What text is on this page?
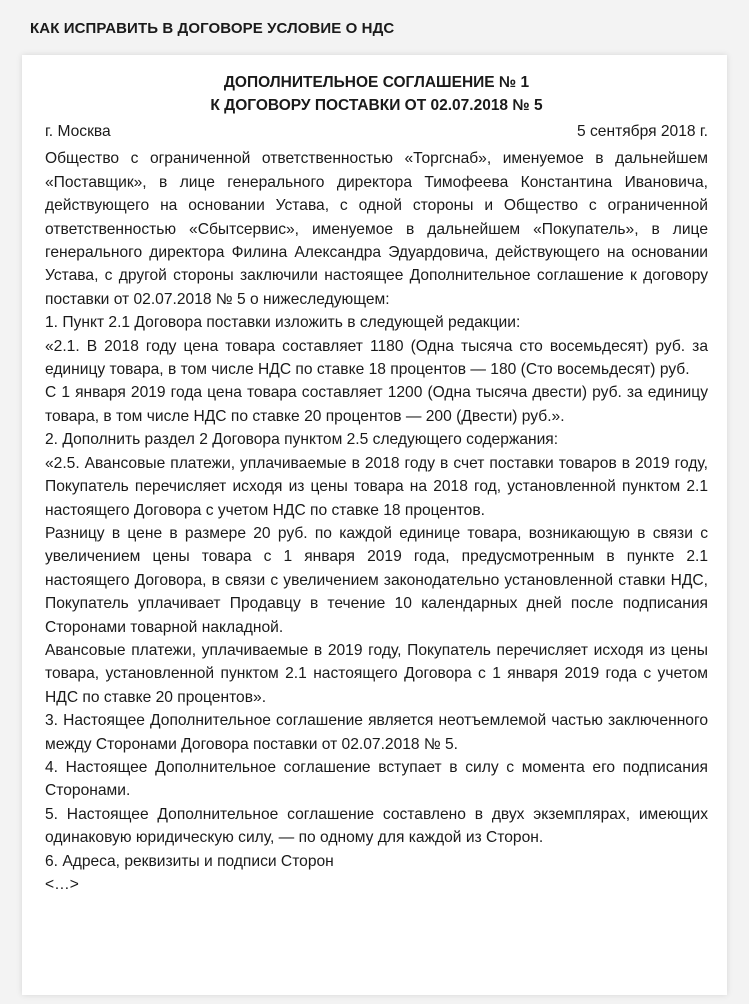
КАК ИСПРАВИТЬ В ДОГОВОРЕ УСЛОВИЕ О НДС
ДОПОЛНИТЕЛЬНОЕ СОГЛАШЕНИЕ № 1
К ДОГОВОРУ ПОСТАВКИ ОТ 02.07.2018 № 5
г. Москва	5 сентября 2018 г.

Общество с ограниченной ответственностью «Торгснаб», именуемое в дальнейшем «Поставщик», в лице генерального директора Тимофеева Константина Ивановича, действующего на основании Устава, с одной стороны и Общество с ограниченной ответственностью «Сбытсервис», именуемое в дальнейшем «Покупатель», в лице генерального директора Филина Александра Эдуардовича, действующего на основании Устава, с другой стороны заключили настоящее Дополнительное соглашение к договору поставки от 02.07.2018 № 5 о нижеследующем:

1. Пункт 2.1 Договора поставки изложить в следующей редакции:

«2.1. В 2018 году цена товара составляет 1180 (Одна тысяча сто восемьдесят) руб. за единицу товара, в том числе НДС по ставке 18 процентов — 180 (Сто восемьдесят) руб.

С 1 января 2019 года цена товара составляет 1200 (Одна тысяча двести) руб. за единицу товара, в том числе НДС по ставке 20 процентов — 200 (Двести) руб.».

2. Дополнить раздел 2 Договора пунктом 2.5 следующего содержания:

«2.5. Авансовые платежи, уплачиваемые в 2018 году в счет поставки товаров в 2019 году, Покупатель перечисляет исходя из цены товара на 2018 год, установленной пунктом 2.1 настоящего Договора с учетом НДС по ставке 18 процентов.

Разницу в цене в размере 20 руб. по каждой единице товара, возникающую в связи с увеличением цены товара с 1 января 2019 года, предусмотренным в пункте 2.1 настоящего Договора, в связи с увеличением законодательно установленной ставки НДС, Покупатель уплачивает Продавцу в течение 10 календарных дней после подписания Сторонами товарной накладной.

Авансовые платежи, уплачиваемые в 2019 году, Покупатель перечисляет исходя из цены товара, установленной пунктом 2.1 настоящего Договора с 1 января 2019 года с учетом НДС по ставке 20 процентов».

3. Настоящее Дополнительное соглашение является неотъемлемой частью заключенного между Сторонами Договора поставки от 02.07.2018 № 5.

4. Настоящее Дополнительное соглашение вступает в силу с момента его подписания Сторонами.

5. Настоящее Дополнительное соглашение составлено в двух экземплярах, имеющих одинаковую юридическую силу, — по одному для каждой из Сторон.

6. Адреса, реквизиты и подписи Сторон

<…>
